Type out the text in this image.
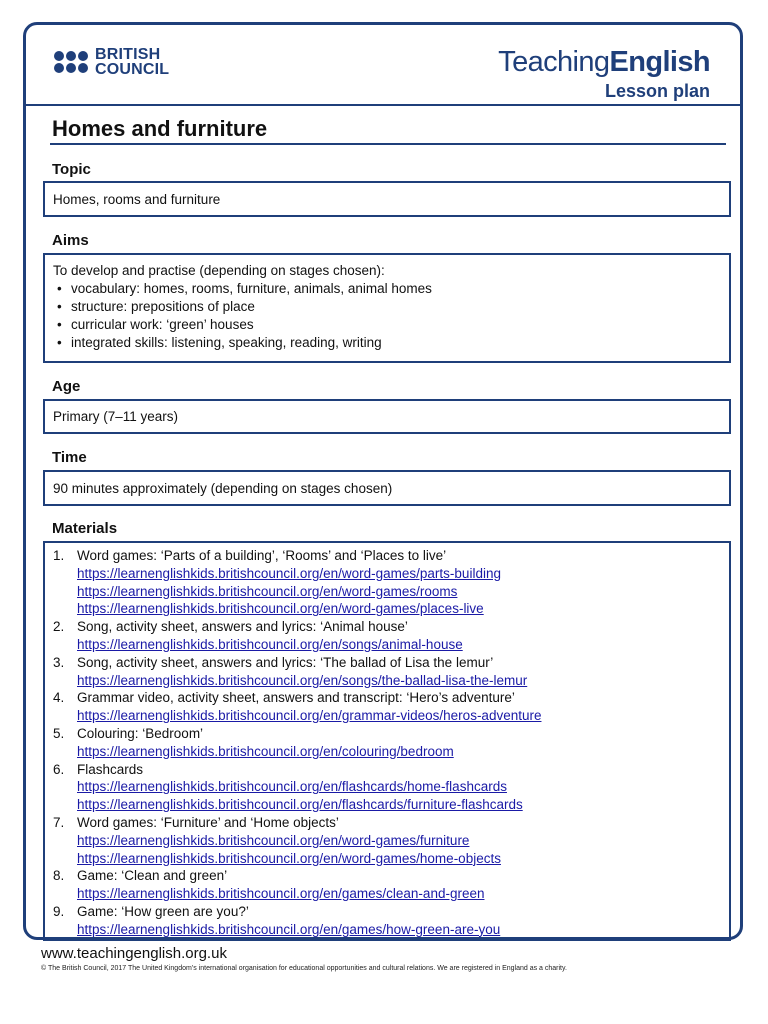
BRITISH
COUNCIL	TeachingEnglish
Lesson plan
Homes and furniture
Topic

Homes, rooms and furniture

Aims

To develop and practise (depending on stages chosen):

• vocabulary: homes, rooms, furniture, animals, animal homes
• structure: prepositions of place
• curricular work: ‘green’ houses
• integrated skills: listening, speaking, reading, writing
Age

Primary (7–11 years)

Time

90 minutes approximately (depending on stages chosen)

Materials
1. Word games: ‘Parts of a building’, ‘Rooms’ and ‘Places to live’
https://learnenglishkids.britishcouncil.org/en/word-games/parts-building
https://learnenglishkids.britishcouncil.org/en/word-games/rooms
https://learnenglishkids.britishcouncil.org/en/word-games/places-live
2. Song, activity sheet, answers and lyrics: ‘Animal house’
https://learnenglishkids.britishcouncil.org/en/songs/animal-house
3. Song, activity sheet, answers and lyrics: ‘The ballad of Lisa the lemur’
https://learnenglishkids.britishcouncil.org/en/songs/the-ballad-lisa-the-lemur
4. Grammar video, activity sheet, answers and transcript: ‘Hero’s adventure’
https://learnenglishkids.britishcouncil.org/en/grammar-videos/heros-adventure
5. Colouring: ‘Bedroom’
https://learnenglishkids.britishcouncil.org/en/colouring/bedroom
6. Flashcards
https://learnenglishkids.britishcouncil.org/en/flashcards/home-flashcards
https://learnenglishkids.britishcouncil.org/en/flashcards/furniture-flashcards
7. Word games: ‘Furniture’ and ‘Home objects’
https://learnenglishkids.britishcouncil.org/en/word-games/furniture
https://learnenglishkids.britishcouncil.org/en/word-games/home-objects
8. Game: ‘Clean and green’
https://learnenglishkids.britishcouncil.org/en/games/clean-and-green
9. Game: ‘How green are you?’
https://learnenglishkids.britishcouncil.org/en/games/how-green-are-you
www.teachingenglish.org.uk
© The British Council, 2017 The United Kingdom’s international organisation for educational opportunities and cultural relations. We are registered in England as a charity.
